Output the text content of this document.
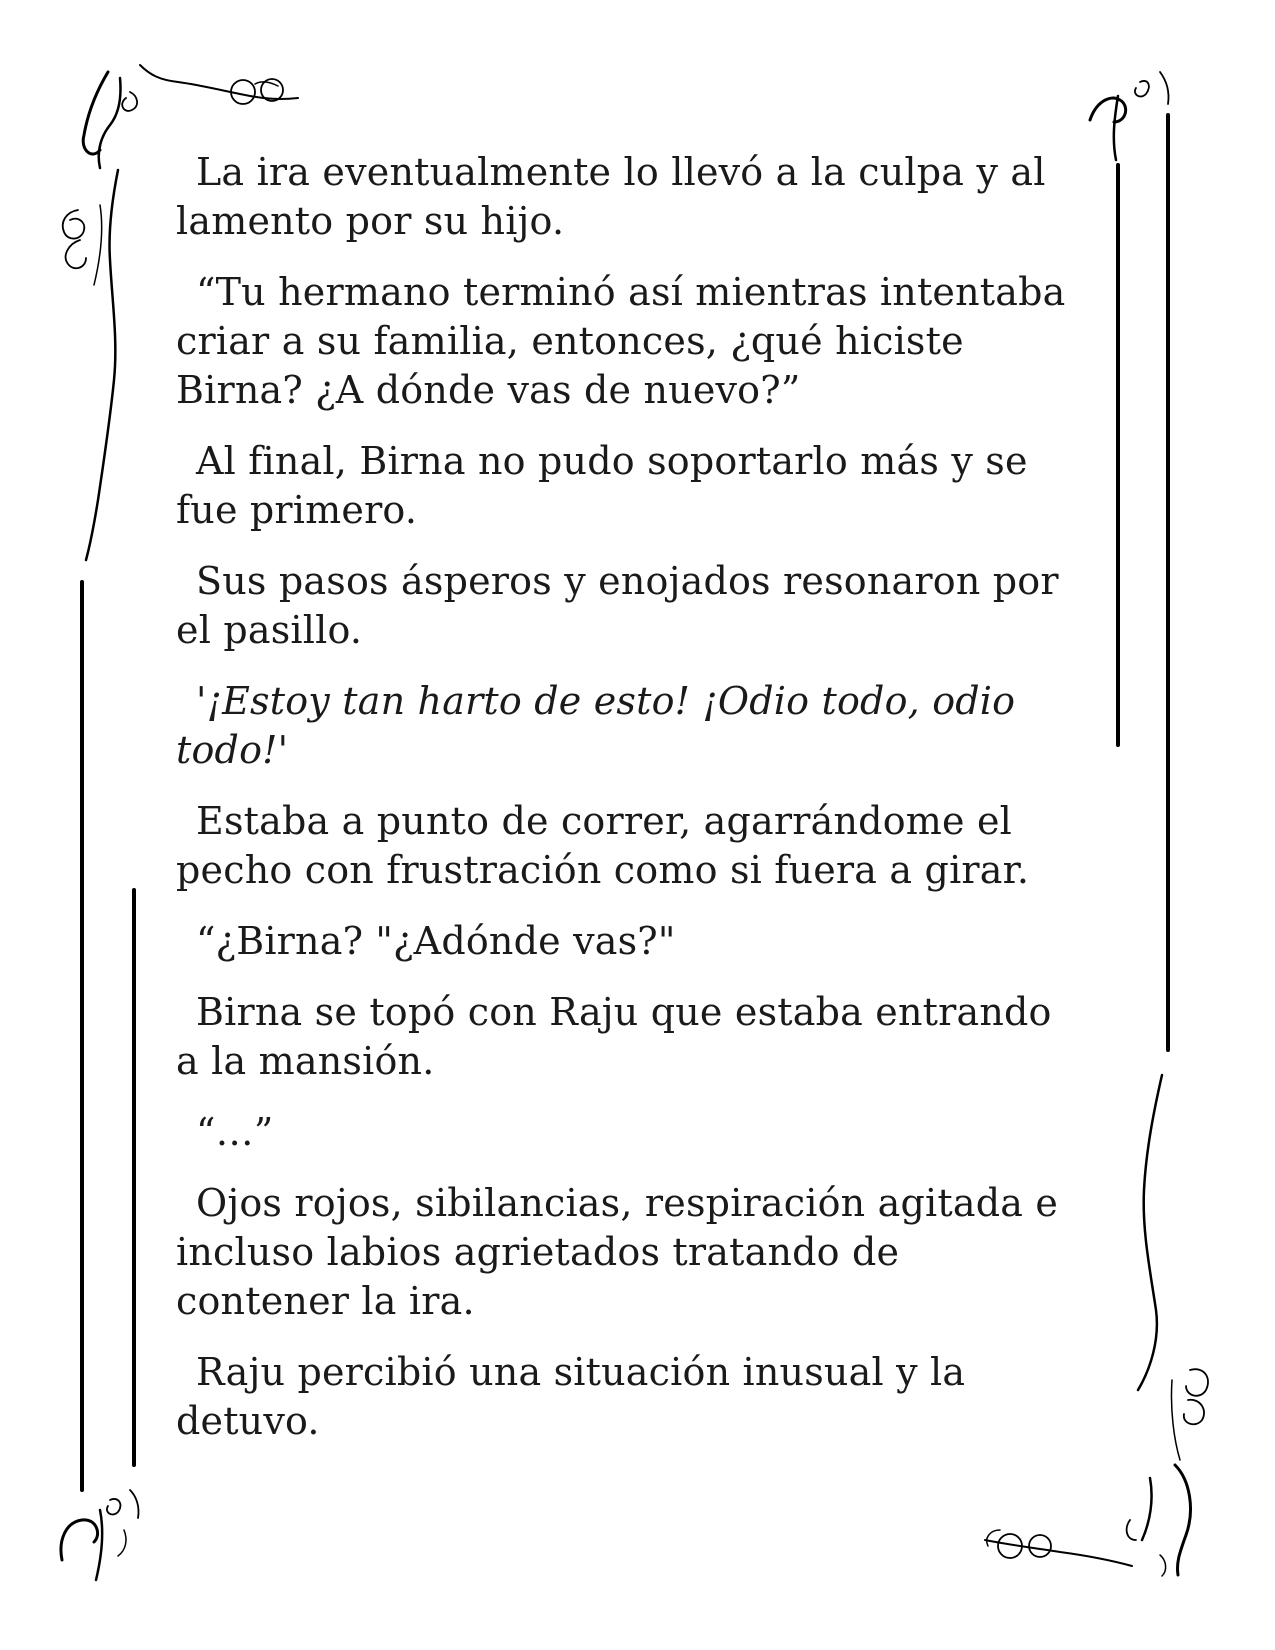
La ira eventualmente lo llevó a la culpa y al lamento por su hijo.

“Tu hermano terminó así mientras intentaba criar a su familia, entonces, ¿qué hiciste Birna? ¿A dónde vas de nuevo?”

Al final, Birna no pudo soportarlo más y se fue primero.

Sus pasos ásperos y enojados resonaron por el pasillo.

'¡Estoy tan harto de esto! ¡Odio todo, odio todo!'

Estaba a punto de correr, agarrándome el pecho con frustración como si fuera a girar.

“¿Birna? "¿Adónde vas?"

Birna se topó con Raju que estaba entrando a la mansión.

“…”

Ojos rojos, sibilancias, respiración agitada e incluso labios agrietados tratando de contener la ira.

Raju percibió una situación inusual y la detuvo.
